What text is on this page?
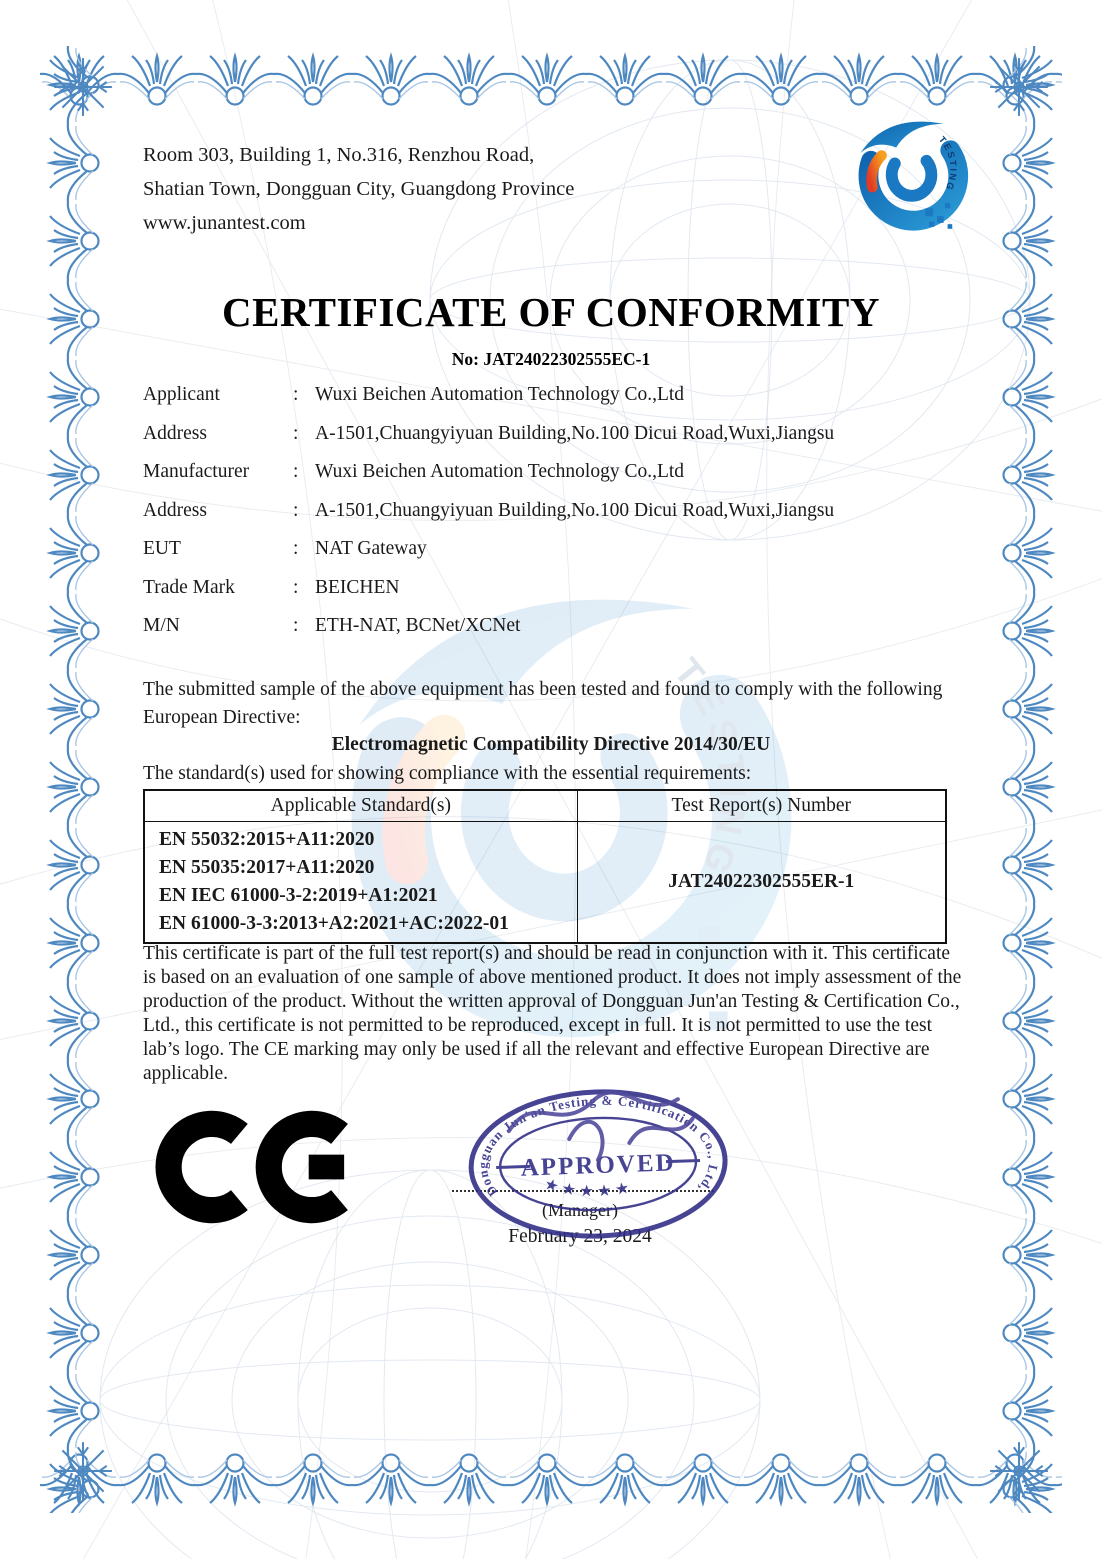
Room 303, Building 1, No.316, Renzhou Road,
Shatian Town, Dongguan City, Guangdong Province
www.junantest.com
CERTIFICATE OF CONFORMITY
No: JAT24022302555EC-1
Applicant	: Wuxi Beichen Automation Technology Co.,Ltd
Address	: A-1501,Chuangyiyuan Building,No.100 Dicui Road,Wuxi,Jiangsu
Manufacturer	: Wuxi Beichen Automation Technology Co.,Ltd
Address	: A-1501,Chuangyiyuan Building,No.100 Dicui Road,Wuxi,Jiangsu
EUT	: NAT Gateway
Trade Mark	: BEICHEN
M/N	: ETH-NAT, BCNet/XCNet
The submitted sample of the above equipment has been tested and found to comply with the following European Directive:
Electromagnetic Compatibility Directive 2014/30/EU
The standard(s) used for showing compliance with the essential requirements:
Applicable Standard(s)	Test Report(s) Number

EN 55032:2015+A11:2020
EN 55035:2017+A11:2020
EN IEC 61000-3-2:2019+A1:2021
EN 61000-3-3:2013+A2:2021+AC:2022-01	JAT24022302555ER-1
This certificate is part of the full test report(s) and should be read in conjunction with it. This certificate is based on an evaluation of one sample of above mentioned product. It does not imply assessment of the production of the product. Without the written approval of Dongguan Jun'an Testing & Certification Co., Ltd., this certificate is not permitted to be reproduced, except in full. It is not permitted to use the test lab’s logo. The CE marking may only be used if all the relevant and effective European Directive are applicable.
Dongguan Jun'an Testing & Certification Co., Ltd,
APPROVED
★ ★ ★ ★ ★
(Manager)
February 23, 2024
